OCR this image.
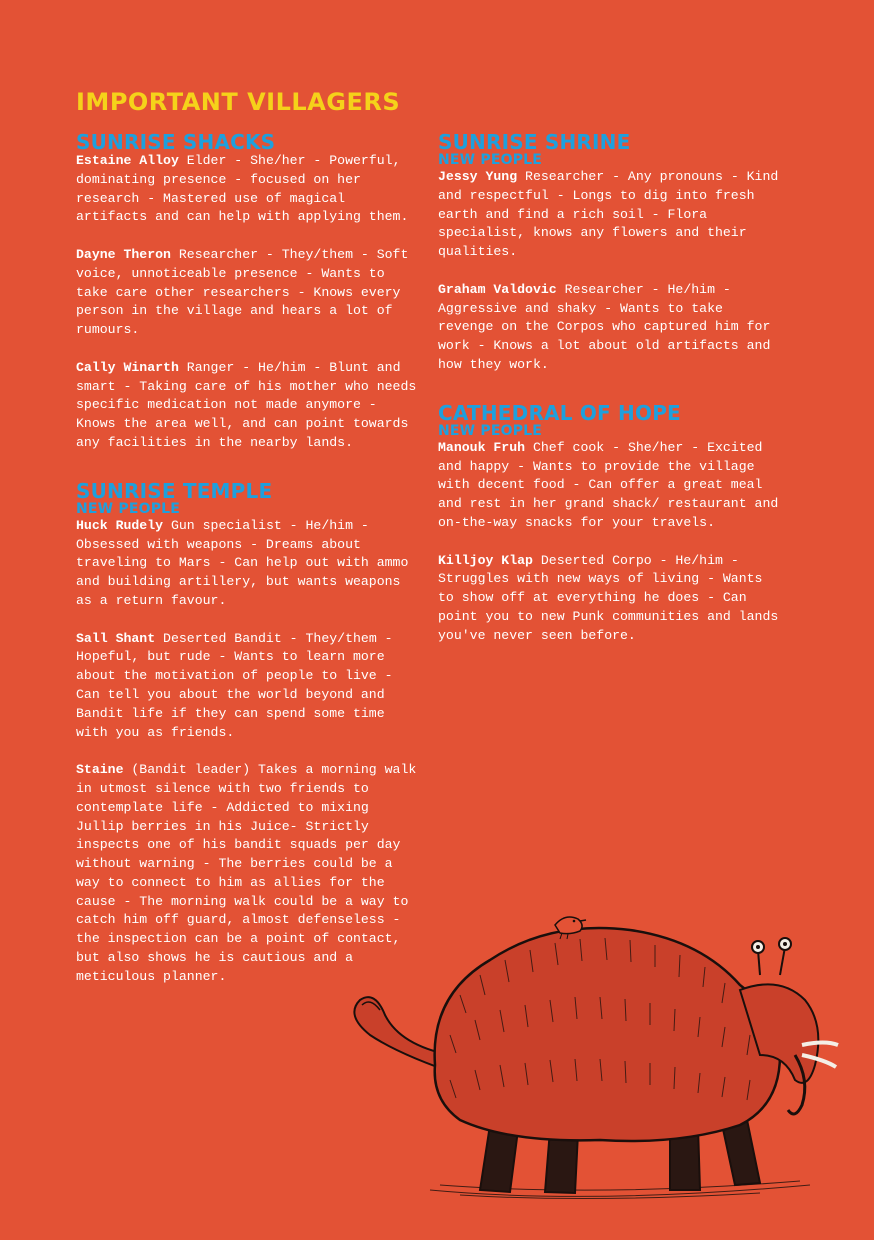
IMPORTANT VILLAGERS
SUNRISE SHACKS

Estaine Alloy Elder - She/her - Powerful, dominating presence - focused on her research - Mastered use of magical artifacts and can help with applying them.

Dayne Theron Researcher - They/them - Soft voice, unnoticeable presence - Wants to take care other researchers - Knows every person in the village and hears a lot of rumours.

Cally Winarth Ranger - He/him - Blunt and smart - Taking care of his mother who needs specific medication not made anymore - Knows the area well, and can point towards any facilities in the nearby lands.

SUNRISE TEMPLE
NEW PEOPLE

Huck Rudely Gun specialist - He/him - Obsessed with weapons - Dreams about traveling to Mars - Can help out with ammo and building artillery, but wants weapons as a return favour.

Sall Shant Deserted Bandit - They/them - Hopeful, but rude - Wants to learn more about the motivation of people to live - Can tell you about the world beyond and Bandit life if they can spend some time with you as friends.

Staine (Bandit leader) Takes a morning walk in utmost silence with two friends to contemplate life - Addicted to mixing Jullip berries in his Juice- Strictly inspects one of his bandit squads per day without warning - The berries could be a way to connect to him as allies for the cause - The morning walk could be a way to catch him off guard, almost defenseless - the inspection can be a point of contact, but also shows he is cautious and a meticulous planner.

SUNRISE SHRINE
NEW PEOPLE

Jessy Yung Researcher - Any pronouns - Kind and respectful - Longs to dig into fresh earth and find a rich soil - Flora specialist, knows any flowers and their qualities.

Graham Valdovic Researcher - He/him - Aggressive and shaky - Wants to take revenge on the Corpos who captured him for work - Knows a lot about old artifacts and how they work.

CATHEDRAL OF HOPE
NEW PEOPLE

Manouk Fruh Chef cook - She/her - Excited and happy - Wants to provide the village with decent food - Can offer a great meal and rest in her grand shack/ restaurant and on-the-way snacks for your travels.

Killjoy Klap Deserted Corpo - He/him - Struggles with new ways of living - Wants to show off at everything he does - Can point you to new Punk communities and lands you've never seen before.
